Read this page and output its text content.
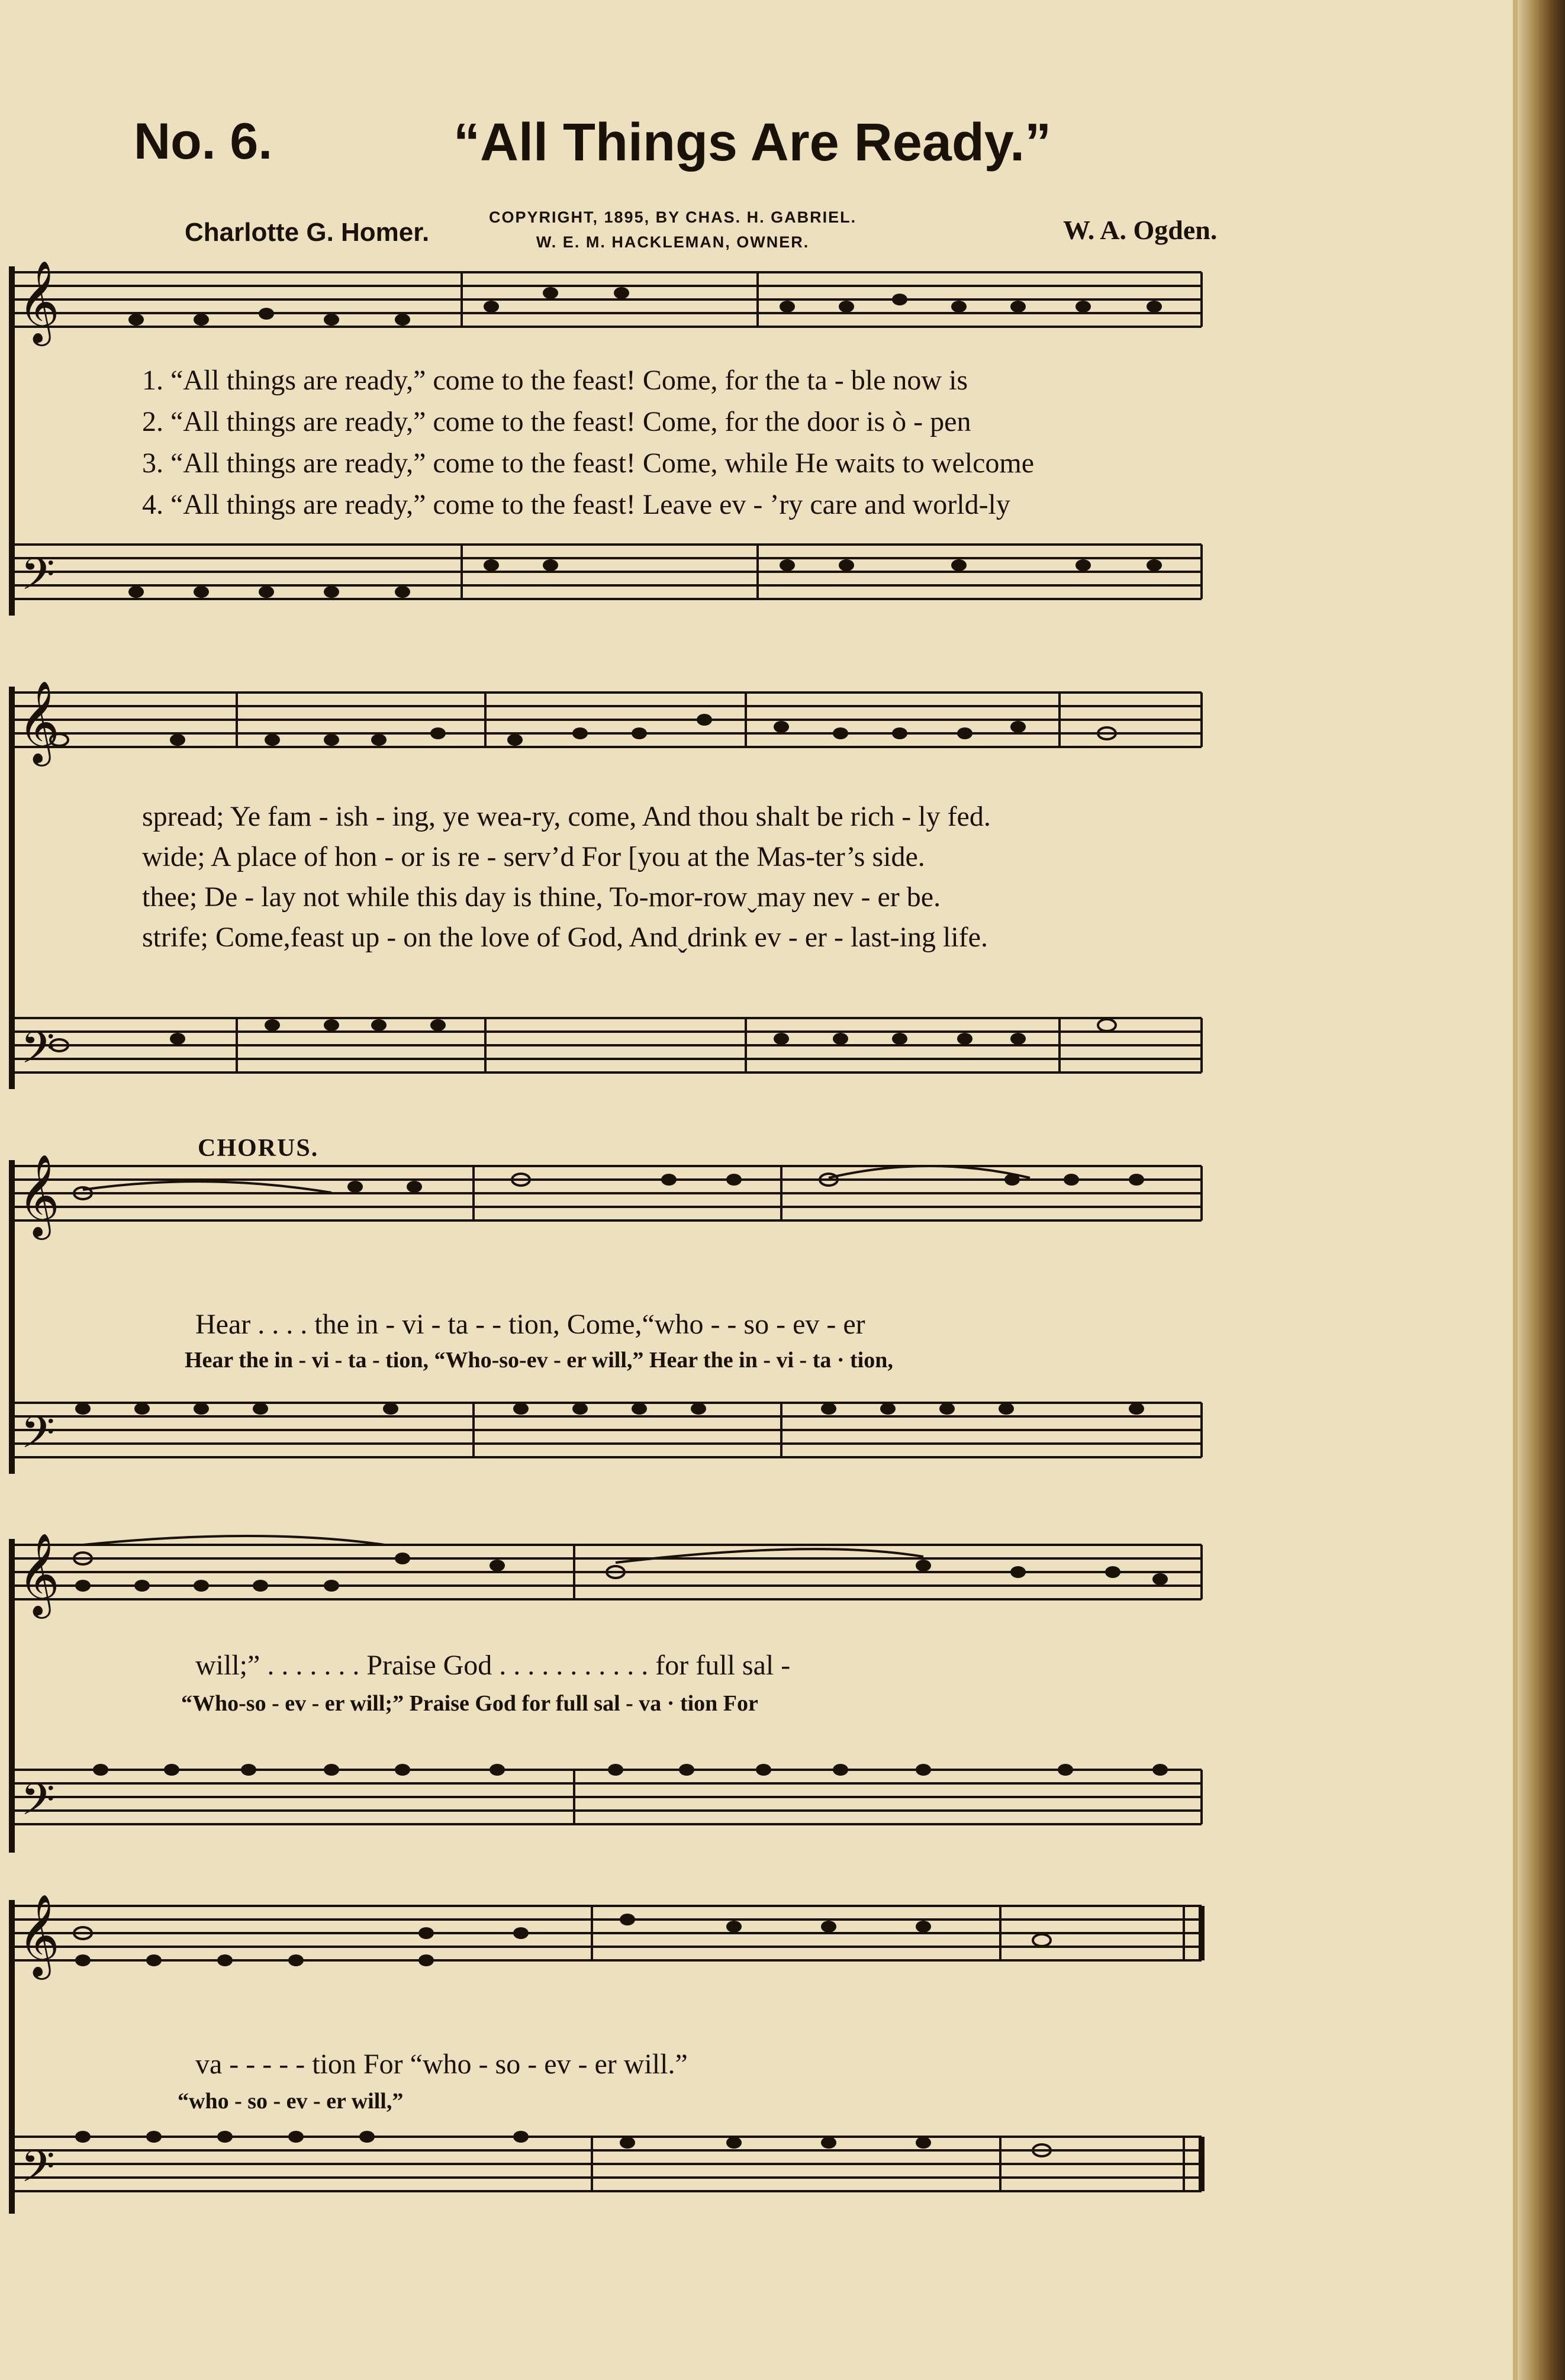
No. 6.	“All Things Are Ready.”
Charlotte G. Homer.
COPYRIGHT, 1895, BY CHAS. H. GABRIEL.
W. E. M. HACKLEMAN, OWNER.	W. A. Ogden.
𝄞
𝄢
1. “All things are ready,” come to the feast! Come, for the ta - ble now is
2. “All things are ready,” come to the feast! Come, for the door is ò - pen
3. “All things are ready,” come to the feast! Come, while He waits to welcome
4. “All things are ready,” come to the feast! Leave ev - ’ry care and world-ly
𝄞
𝄢
spread; Ye fam - ish - ing, ye wea-ry, come, And thou shalt be rich - ly fed.
wide; A place of hon - or is re - serv’d For [you at the Mas-ter’s side.
thee; De - lay not while this day is thine, To-mor-rowˬmay nev - er be.
strife; Come,feast up - on the love of God, Andˬdrink ev - er - last-ing life.
CHORUS.
𝄞
𝄢
Hear . . . . the in - vi - ta - - tion, Come,“who - - so - ev - er
Hear the in - vi - ta - tion, “Who-so-ev - er will,” Hear the in - vi - ta · tion,
𝄞
𝄢
will;” . . . . . . . Praise God . . . . . . . . . . . for full sal -
“Who-so - ev - er will;” Praise God for full sal - va · tion For
𝄞
𝄢
va - - - - - tion For “who - so - ev - er will.”
“who - so - ev - er will,”
